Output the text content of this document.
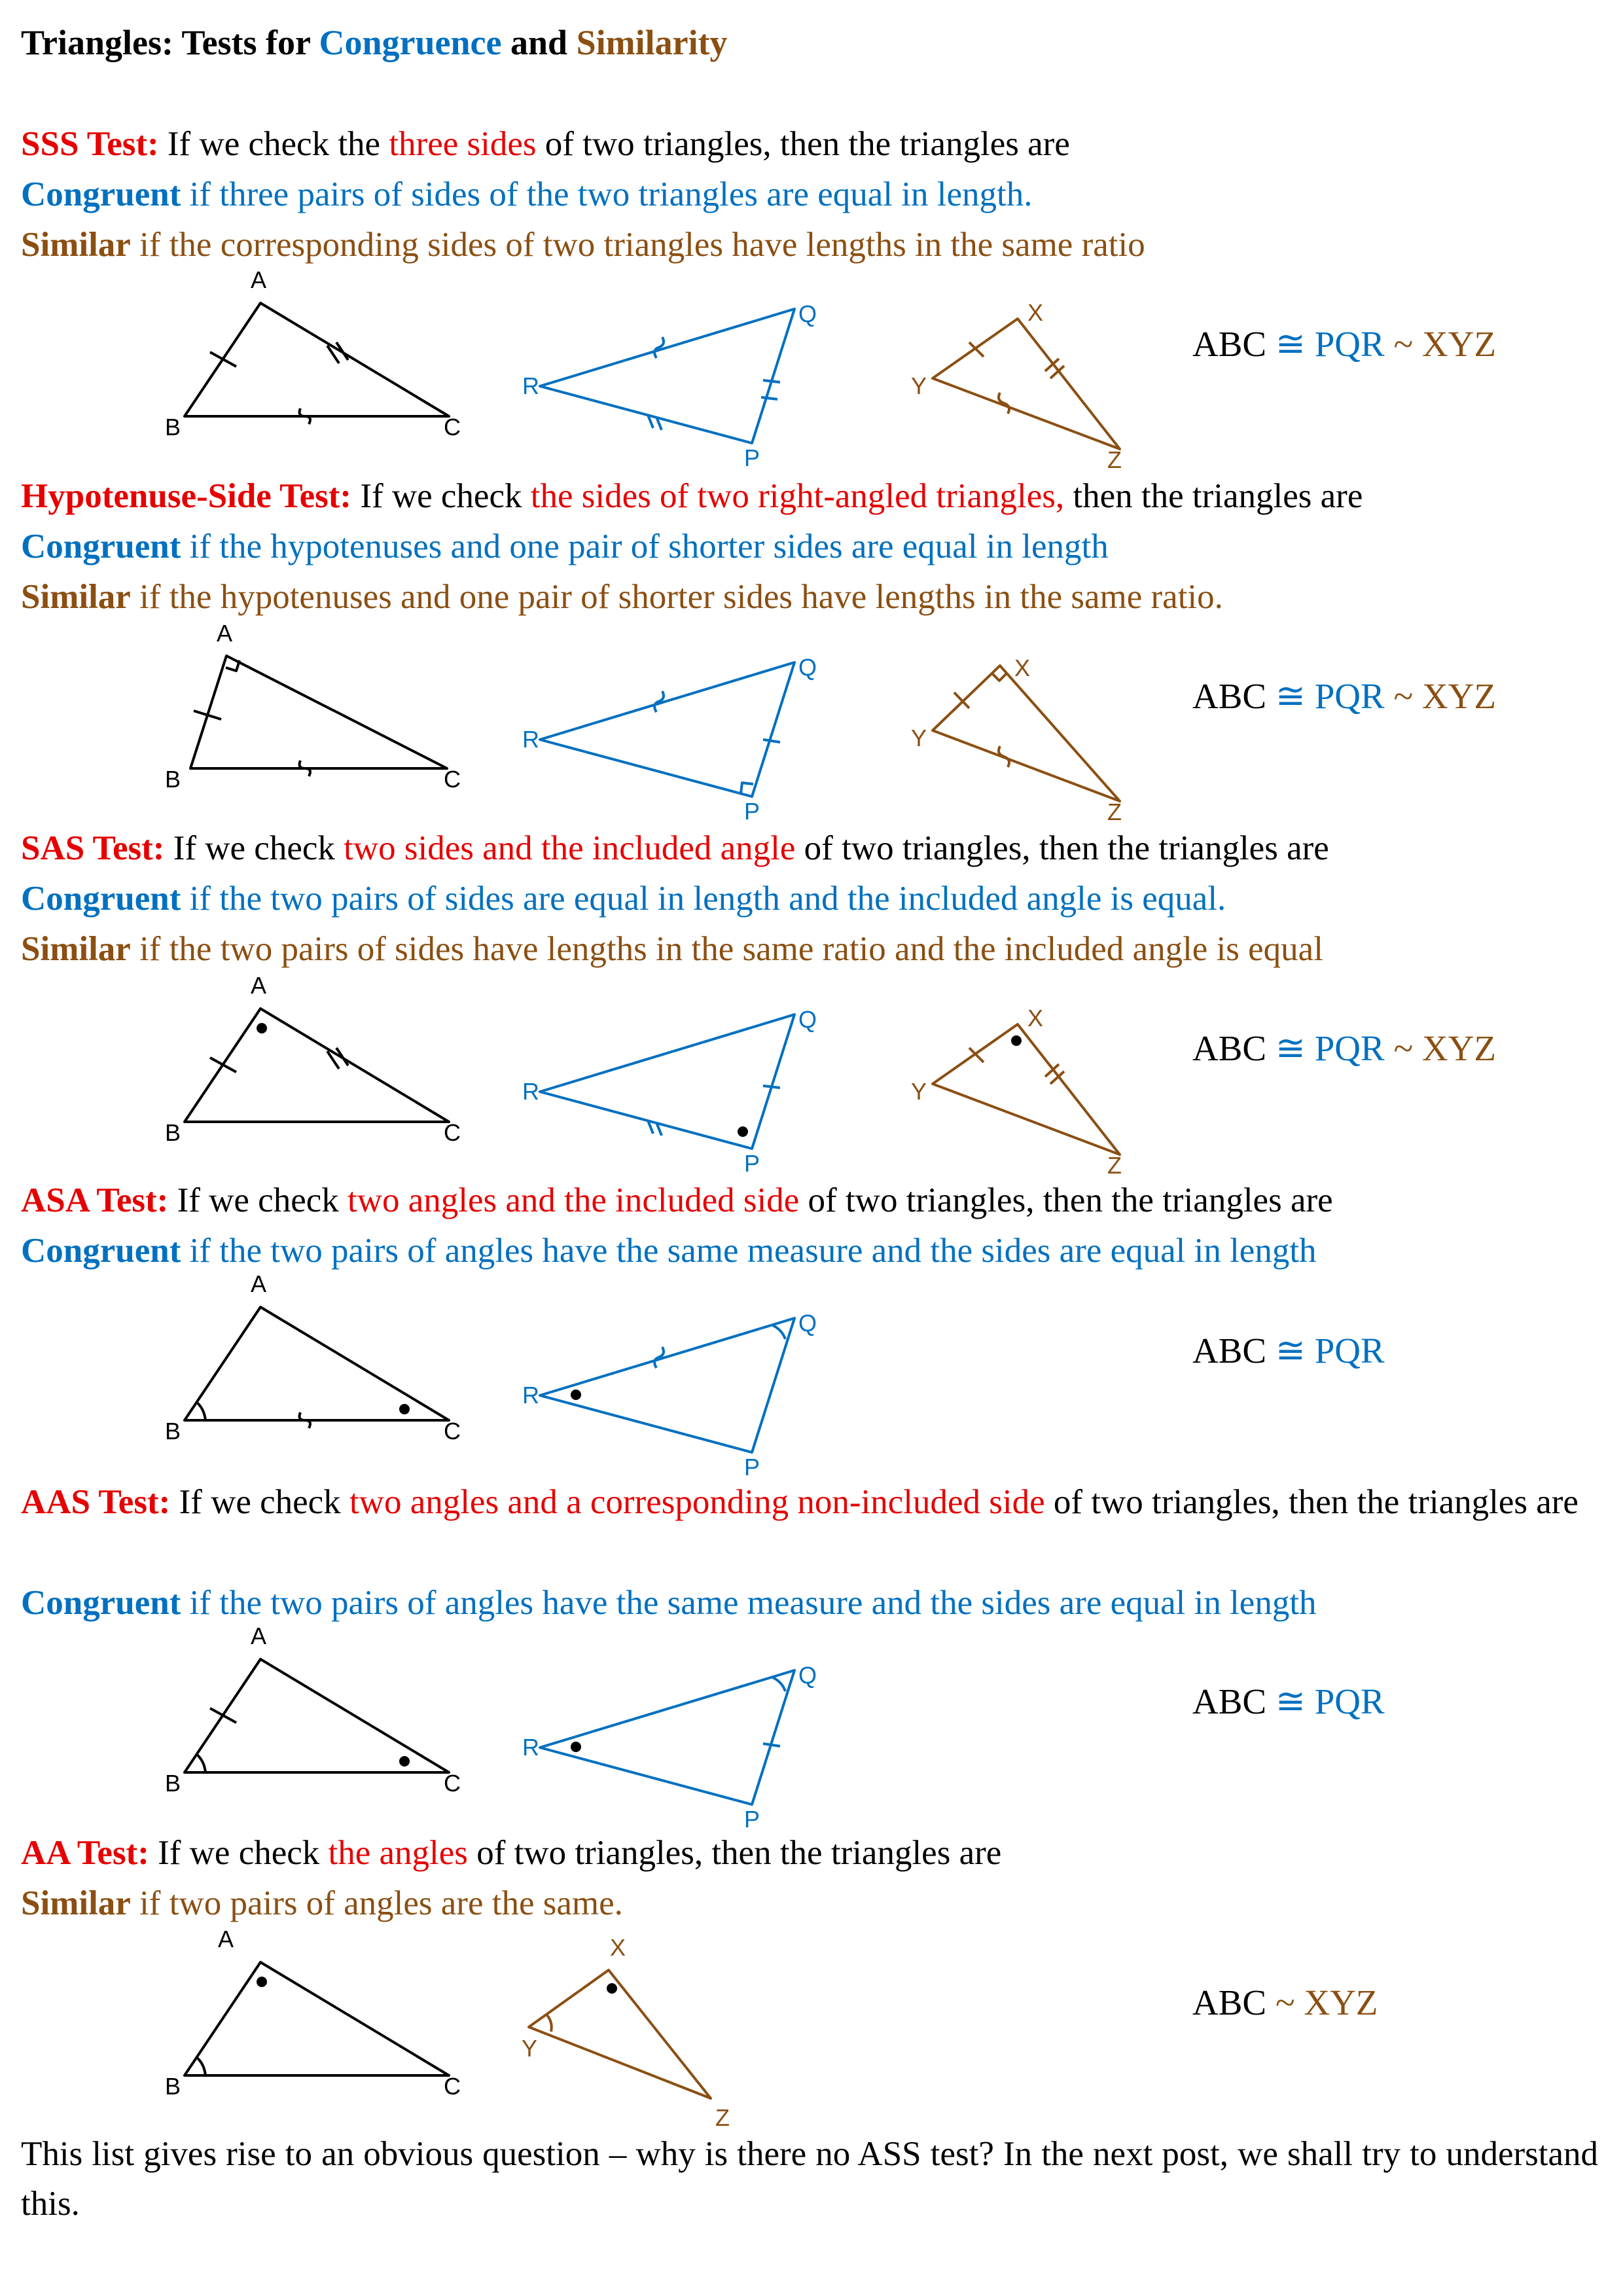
Triangles: Tests for Congruence and Similarity
SSS Test: If we check the three sides of two triangles, then the triangles are
Congruent if three pairs of sides of the two triangles are equal in length.
Similar if the corresponding sides of two triangles have lengths in the same ratio
ABC ≅ PQR ~ XYZ
Hypotenuse-Side Test: If we check the sides of two right-angled triangles, then the triangles are
Congruent if the hypotenuses and one pair of shorter sides are equal in length
Similar if the hypotenuses and one pair of shorter sides have lengths in the same ratio.
ABC ≅ PQR ~ XYZ
SAS Test: If we check two sides and the included angle of two triangles, then the triangles are
Congruent if the two pairs of sides are equal in length and the included angle is equal.
Similar if the two pairs of sides have lengths in the same ratio and the included angle is equal
ABC ≅ PQR ~ XYZ
ASA Test: If we check two angles and the included side of two triangles, then the triangles are
Congruent if the two pairs of angles have the same measure and the sides are equal in length
ABC ≅ PQR
AAS Test: If we check two angles and a corresponding non-included side of two triangles, then the triangles are
Congruent if the two pairs of angles have the same measure and the sides are equal in length
ABC ≅ PQR
AA Test: If we check the angles of two triangles, then the triangles are
Similar if two pairs of angles are the same.
ABC ~ XYZ
This list gives rise to an obvious question – why is there no ASS test? In the next post, we shall try to understand this.
A
B	C
Q
R
P
X
Y
Z
A
B	C
Q
R
P
X
Y
Z
A
B	C
Q
R
P
X
Y
Z
A
B	C
Q
R
P
A
B	C
Q
R
P
A
B	C
X
Y
Z
